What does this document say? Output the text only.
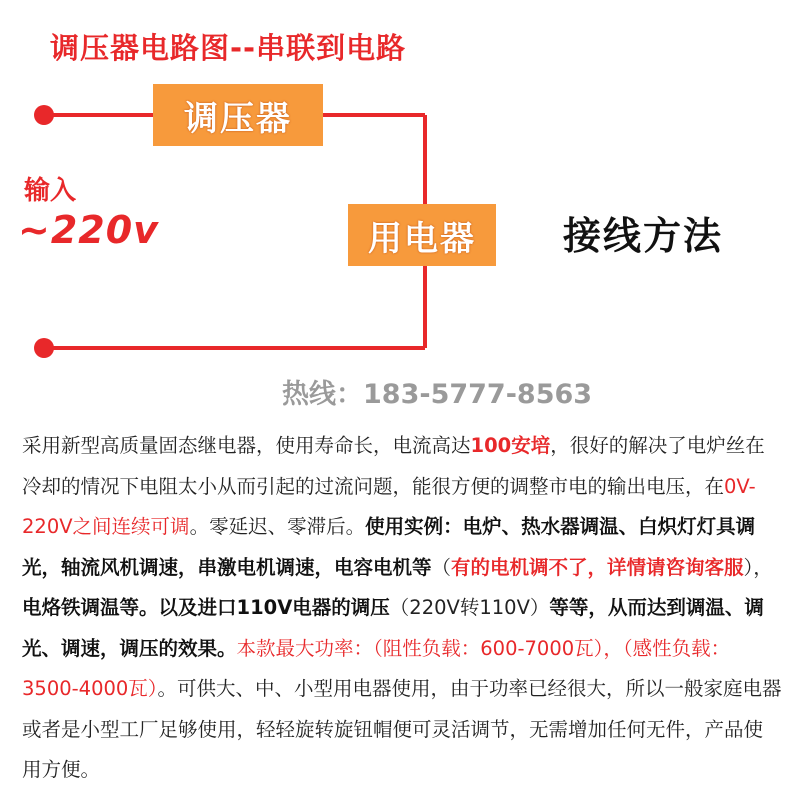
调压器电路图--串联到电路
调压器
用电器
输入
~220v	接线方法
热线：183-5777-8563
采用新型高质量固态继电器，使用寿命长，电流高达100安培，很好的解决了电炉丝在冷却的情况下电阻太小从而引起的过流问题，能很方便的调整市电的输出电压，在0V-220V之间连续可调。零延迟、零滞后。使用实例：电炉、热水器调温、白炽灯灯具调光，轴流风机调速，串激电机调速，电容电机等（有的电机调不了，详情请咨询客服），电烙铁调温等。以及进口110V电器的调压（220V转110V）等等，从而达到调温、调光、调速，调压的效果。本款最大功率：（阻性负载：600-7000瓦），（感性负载：3500-4000瓦）。可供大、中、小型用电器使用，由于功率已经很大，所以一般家庭电器或者是小型工厂足够使用，轻轻旋转旋钮帽便可灵活调节，无需增加任何无件，产品使用方便。
